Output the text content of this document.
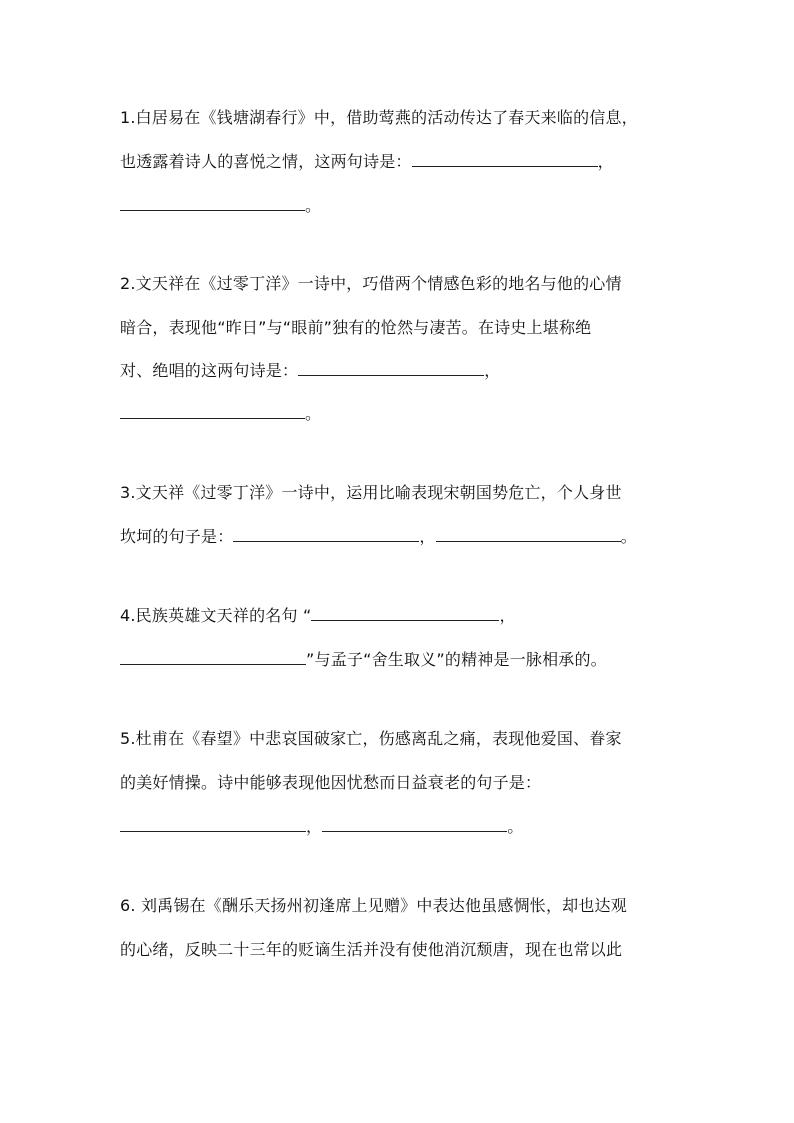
1.白居易在《钱塘湖春行》中，借助莺燕的活动传达了春天来临的信息，
也透露着诗人的喜悦之情，这两句诗是：	，
。
2.文天祥在《过零丁洋》一诗中，巧借两个情感色彩的地名与他的心情
暗合，表现他“昨日”与“眼前”独有的怆然与凄苦。在诗史上堪称绝
对、绝唱的这两句诗是：	，
。
3.文天祥《过零丁洋》一诗中，运用比喻表现宋朝国势危亡，个人身世
坎坷的句子是：	，	。
4.民族英雄文天祥的名句 “	，
”与孟子“舍生取义”的精神是一脉相承的。
5.杜甫在《春望》中悲哀国破家亡，伤感离乱之痛，表现他爱国、眷家
的美好情操。诗中能够表现他因忧愁而日益衰老的句子是：
，	。
6. 刘禹锡在《酬乐天扬州初逢席上见赠》中表达他虽感惆怅，却也达观
的心绪，反映二十三年的贬谪生活并没有使他消沉颓唐，现在也常以此
